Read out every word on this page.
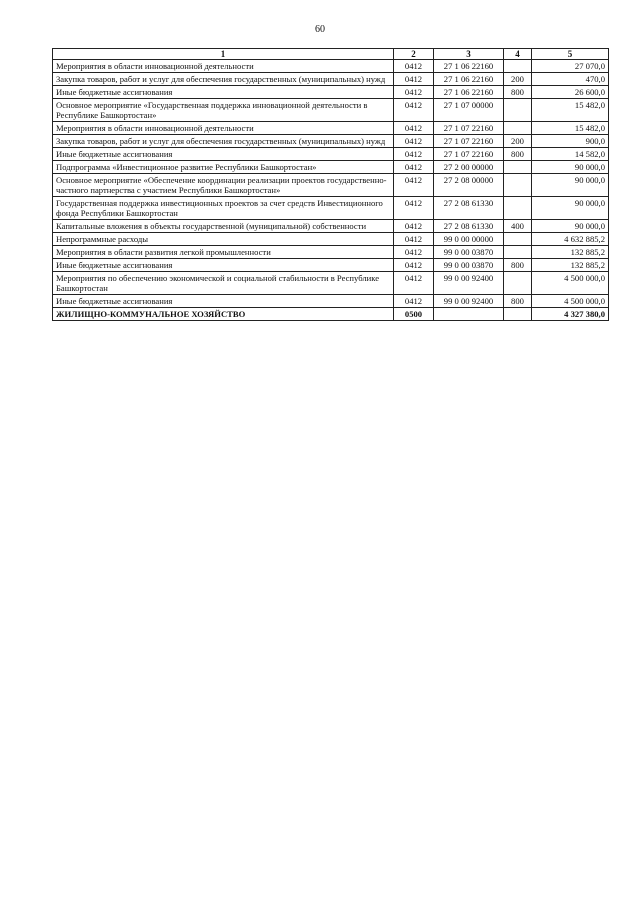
60
1	2	3	4	5
Мероприятия в области инновационной деятельности	0412	27 1 06 22160		27 070,0
Закупка товаров, работ и услуг для обеспечения государственных (муниципальных) нужд	0412	27 1 06 22160	200	470,0
Иные бюджетные ассигнования	0412	27 1 06 22160	800	26 600,0
Основное мероприятие «Государственная поддержка инновационной деятельности в Республике Башкортостан»	0412	27 1 07 00000		15 482,0
Мероприятия в области инновационной деятельности	0412	27 1 07 22160		15 482,0
Закупка товаров, работ и услуг для обеспечения государственных (муниципальных) нужд	0412	27 1 07 22160	200	900,0
Иные бюджетные ассигнования	0412	27 1 07 22160	800	14 582,0
Подпрограмма «Инвестиционное развитие Республики Башкортостан»	0412	27 2 00 00000		90 000,0
Основное мероприятие «Обеспечение координации реализации проектов государственно-частного партнерства с участием Республики Башкортостан»	0412	27 2 08 00000		90 000,0
Государственная поддержка инвестиционных проектов за счет средств Инвестиционного фонда Республики Башкортостан	0412	27 2 08 61330		90 000,0
Капитальные вложения в объекты государственной (муниципальной) собственности	0412	27 2 08 61330	400	90 000,0
Непрограммные расходы	0412	99 0 00 00000		4 632 885,2
Мероприятия в области развития легкой промышленности	0412	99 0 00 03870		132 885,2
Иные бюджетные ассигнования	0412	99 0 00 03870	800	132 885,2
Мероприятия по обеспечению экономической и социальной стабильности в Республике Башкортостан	0412	99 0 00 92400		4 500 000,0
Иные бюджетные ассигнования	0412	99 0 00 92400	800	4 500 000,0
ЖИЛИЩНО-КОММУНАЛЬНОЕ ХОЗЯЙСТВО	0500			4 327 380,0
